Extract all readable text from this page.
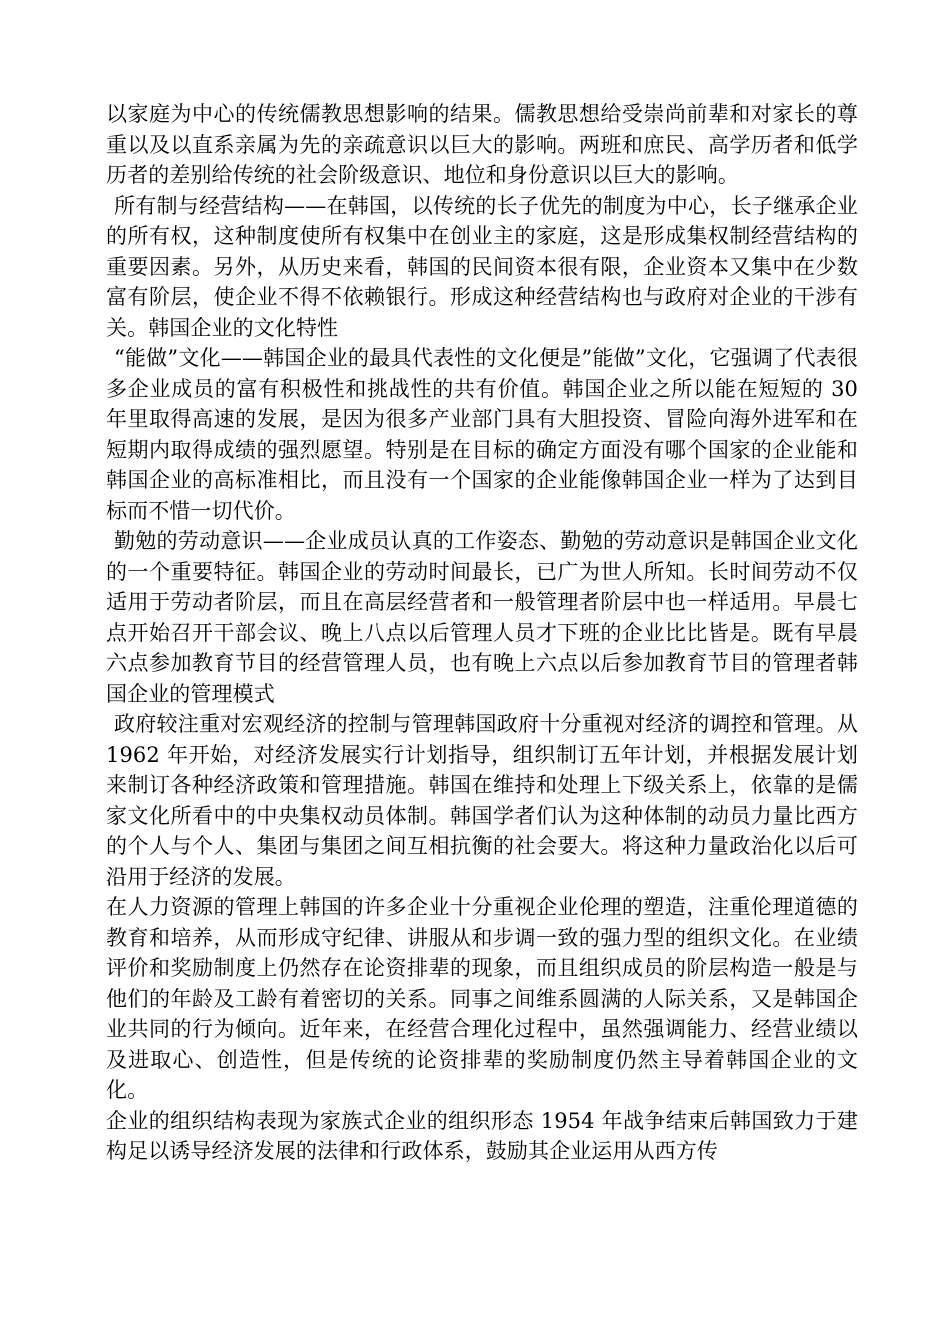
以家庭为中心的传统儒教思想影响的结果。儒教思想给受崇尚前辈和对家长的尊重以及以直系亲属为先的亲疏意识以巨大的影响。两班和庶民、高学历者和低学历者的差别给传统的社会阶级意识、地位和身份意识以巨大的影响。

所有制与经营结构——在韩国，以传统的长子优先的制度为中心，长子继承企业的所有权，这种制度使所有权集中在创业主的家庭，这是形成集权制经营结构的重要因素。另外，从历史来看，韩国的民间资本很有限，企业资本又集中在少数富有阶层，使企业不得不依赖银行。形成这种经营结构也与政府对企业的干涉有关。韩国企业的文化特性

“能做”文化——韩国企业的最具代表性的文化便是”能做”文化，它强调了代表很多企业成员的富有积极性和挑战性的共有价值。韩国企业之所以能在短短的 30 年里取得高速的发展，是因为很多产业部门具有大胆投资、冒险向海外进军和在短期内取得成绩的强烈愿望。特别是在目标的确定方面没有哪个国家的企业能和韩国企业的高标准相比，而且没有一个国家的企业能像韩国企业一样为了达到目标而不惜一切代价。

勤勉的劳动意识——企业成员认真的工作姿态、勤勉的劳动意识是韩国企业文化的一个重要特征。韩国企业的劳动时间最长，已广为世人所知。长时间劳动不仅适用于劳动者阶层，而且在高层经营者和一般管理者阶层中也一样适用。早晨七点开始召开干部会议、晚上八点以后管理人员才下班的企业比比皆是。既有早晨六点参加教育节目的经营管理人员，也有晚上六点以后参加教育节目的管理者韩国企业的管理模式

政府较注重对宏观经济的控制与管理韩国政府十分重视对经济的调控和管理。从 1962 年开始，对经济发展实行计划指导，组织制订五年计划，并根据发展计划来制订各种经济政策和管理措施。韩国在维持和处理上下级关系上，依靠的是儒家文化所看中的中央集权动员体制。韩国学者们认为这种体制的动员力量比西方的个人与个人、集团与集团之间互相抗衡的社会要大。将这种力量政治化以后可沿用于经济的发展。

在人力资源的管理上韩国的许多企业十分重视企业伦理的塑造，注重伦理道德的教育和培养，从而形成守纪律、讲服从和步调一致的强力型的组织文化。在业绩评价和奖励制度上仍然存在论资排辈的现象，而且组织成员的阶层构造一般是与他们的年龄及工龄有着密切的关系。同事之间维系圆满的人际关系，又是韩国企业共同的行为倾向。近年来，在经营合理化过程中，虽然强调能力、经营业绩以及进取心、创造性，但是传统的论资排辈的奖励制度仍然主导着韩国企业的文化。

企业的组织结构表现为家族式企业的组织形态 1954 年战争结束后韩国致力于建构足以诱导经济发展的法律和行政体系，鼓励其企业运用从西方传
